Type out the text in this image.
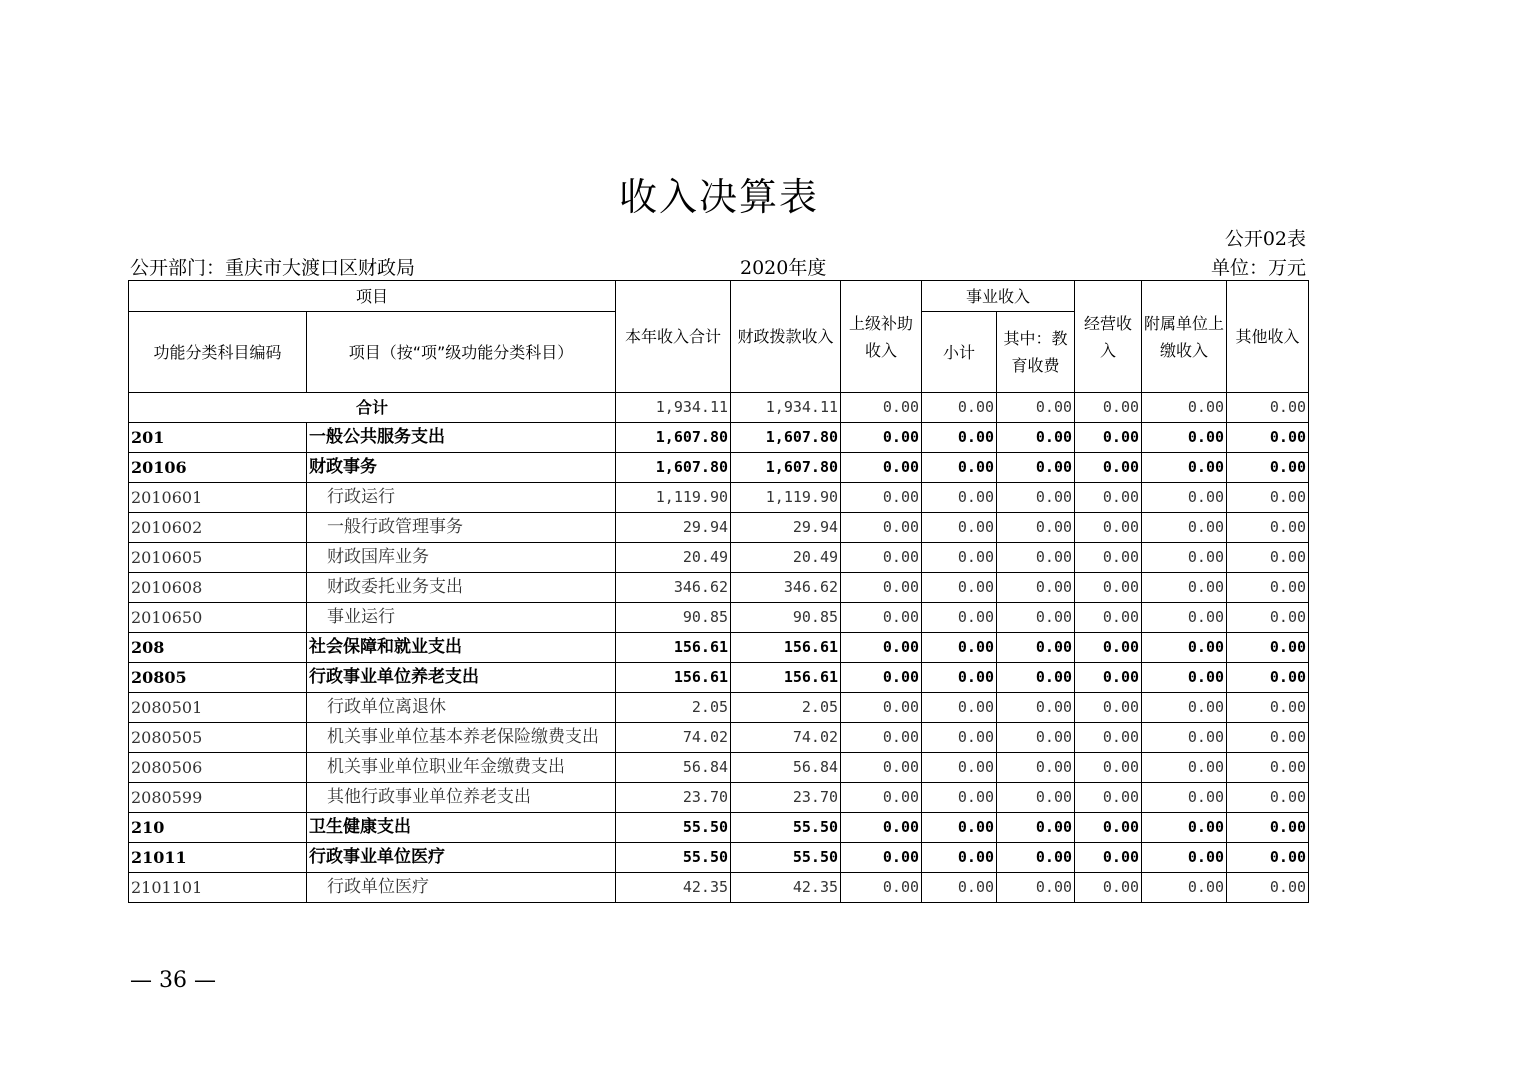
收入决算表
公开02表
公开部门：重庆市大渡口区财政局	2020年度	单位：万元
项目		本年收入合计	财政拨款收入	上级补助收入	事业收入		经营收入	附属单位上缴收入	其他收入
功能分类科目编码	项目（按“项”级功能分类科目）				小计	其中：教育收费			

合计		1,934.11	1,934.11	0.00	0.00	0.00	0.00	0.00	0.00
201	一般公共服务支出	1,607.80	1,607.80	0.00	0.00	0.00	0.00	0.00	0.00
20106	财政事务	1,607.80	1,607.80	0.00	0.00	0.00	0.00	0.00	0.00
2010601	行政运行	1,119.90	1,119.90	0.00	0.00	0.00	0.00	0.00	0.00
2010602	一般行政管理事务	29.94	29.94	0.00	0.00	0.00	0.00	0.00	0.00
2010605	财政国库业务	20.49	20.49	0.00	0.00	0.00	0.00	0.00	0.00
2010608	财政委托业务支出	346.62	346.62	0.00	0.00	0.00	0.00	0.00	0.00
2010650	事业运行	90.85	90.85	0.00	0.00	0.00	0.00	0.00	0.00
208	社会保障和就业支出	156.61	156.61	0.00	0.00	0.00	0.00	0.00	0.00
20805	行政事业单位养老支出	156.61	156.61	0.00	0.00	0.00	0.00	0.00	0.00
2080501	行政单位离退休	2.05	2.05	0.00	0.00	0.00	0.00	0.00	0.00
2080505	机关事业单位基本养老保险缴费支出	74.02	74.02	0.00	0.00	0.00	0.00	0.00	0.00
2080506	机关事业单位职业年金缴费支出	56.84	56.84	0.00	0.00	0.00	0.00	0.00	0.00
2080599	其他行政事业单位养老支出	23.70	23.70	0.00	0.00	0.00	0.00	0.00	0.00
210	卫生健康支出	55.50	55.50	0.00	0.00	0.00	0.00	0.00	0.00
21011	行政事业单位医疗	55.50	55.50	0.00	0.00	0.00	0.00	0.00	0.00
2101101	行政单位医疗	42.35	42.35	0.00	0.00	0.00	0.00	0.00	0.00
— 36 —
